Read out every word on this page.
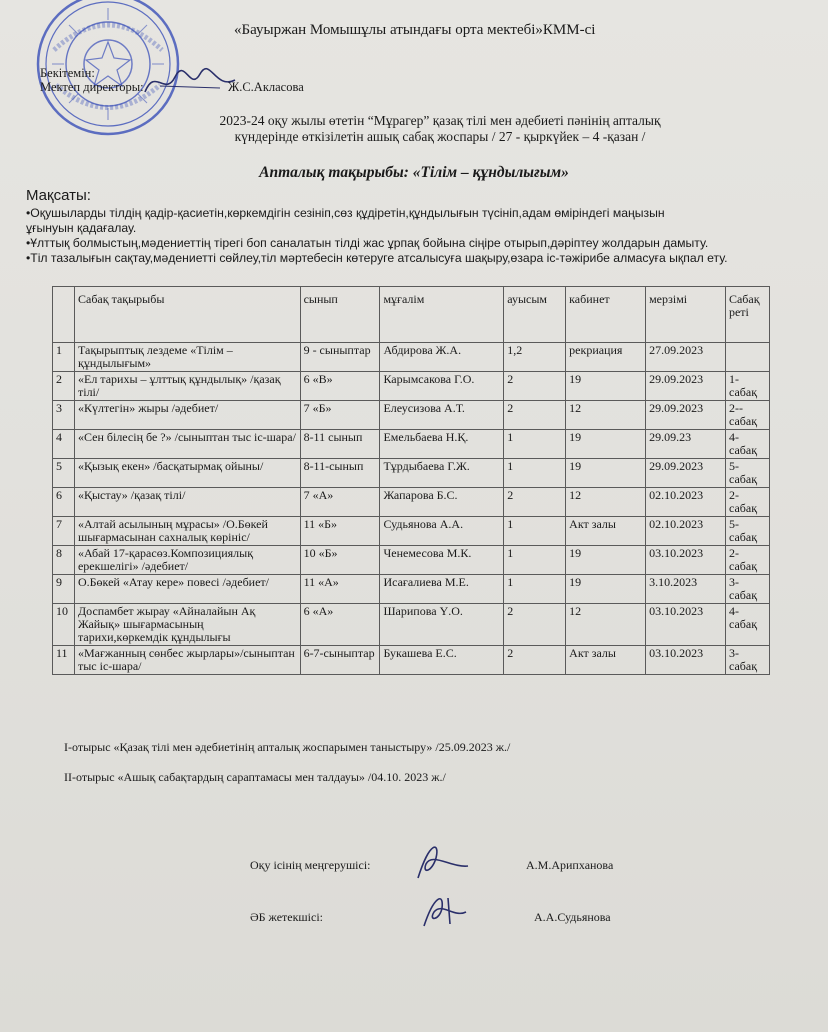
«Бауыржан Момышұлы атындағы орта мектебі»КММ-сі
Бекітемін:
Мектеп директоры:	Ж.С.Акласова
2023-24 оқу жылы өтетін “Мұрагер” қазақ тілі мен әдебиеті пәнінің апталық
күндерінде өткізілетін ашық сабақ жоспары / 27 - қыркүйек – 4 -қазан /
Апталық тақырыбы: «Тілім – құндылығым»
Мақсаты:
•Оқушыларды тілдің қадір-қасиетін,көркемдігін сезініп,сөз құдіретін,құндылығын түсініп,адам өміріндегі маңызын
ұғынуын қадағалау.
•Ұлттық болмыстың,мәдениеттің тірегі боп саналатын тілді жас ұрпақ бойына сіңіре отырып,дәріптеу жолдарын дамыту.
•Тіл тазалығын сақтау,мәдениетті сөйлеу,тіл мәртебесін көтеруге атсалысуға шақыру,өзара іс-тәжірибе алмасуға ықпал ету.
	Сабақ тақырыбы	сынып	мұғалім	ауысым	кабинет	мерзімі	Сабақ реті
1	Тақырыптық лездеме «Тілім – құндылығым»	9 - сыныптар	Абдирова Ж.А.	1,2	рекриация	27.09.2023	
2	«Ел тарихы – ұлттық құндылық» /қазақ тілі/	6 «В»	Карымсакова Г.О.	2	19	29.09.2023	1-сабақ
3	«Күлтегін» жыры /әдебиет/	7 «Б»	Елеусизова А.Т.	2	12	29.09.2023	2--сабақ
4	«Сен білесің бе ?» /сыныптан тыс іс-шара/	8-11 сынып	Емельбаева Н.Қ.	1	19	29.09.23	4-сабақ
5	«Қызық екен» /басқатырмақ ойыны/	8-11-сынып	Тұрдыбаева Г.Ж.	1	19	29.09.2023	5-сабақ
6	«Қыстау» /қазақ тілі/	7 «А»	Жапарова Б.С.	2	12	02.10.2023	2-сабақ
7	«Алтай асылының мұрасы» /О.Бөкей шығармасынан сахналық көрініс/	11 «Б»	Судьянова А.А.	1	Акт залы	02.10.2023	5-сабақ
8	«Абай 17-қарасөз.Композициялық ерекшелігі» /әдебиет/	10 «Б»	Ченемесова М.К.	1	19	03.10.2023	2-сабақ
9	О.Бөкей «Атау кере» повесі /әдебиет/	11 «А»	Исағалиева М.Е.	1	19	3.10.2023	3-сабақ
10	Доспамбет жырау «Айналайын Ақ Жайық» шығармасының тарихи,көркемдік құндылығы	6 «А»	Шарипова Ү.О.	2	12	03.10.2023	4-сабақ
11	«Мағжанның сөнбес жырлары»/сыныптан тыс іс-шара/	6-7-сыныптар	Букашева Е.С.	2	Акт залы	03.10.2023	3-сабақ
І-отырыс «Қазақ тілі мен әдебиетінің апталық жоспарымен таныстыру» /25.09.2023 ж./
ІІ-отырыс «Ашық сабақтардың сараптамасы мен талдауы» /04.10. 2023 ж./
Оқу ісінің меңгерушісі:	А.М.Арипханова
ӘБ жетекшісі:	А.А.Судьянова
